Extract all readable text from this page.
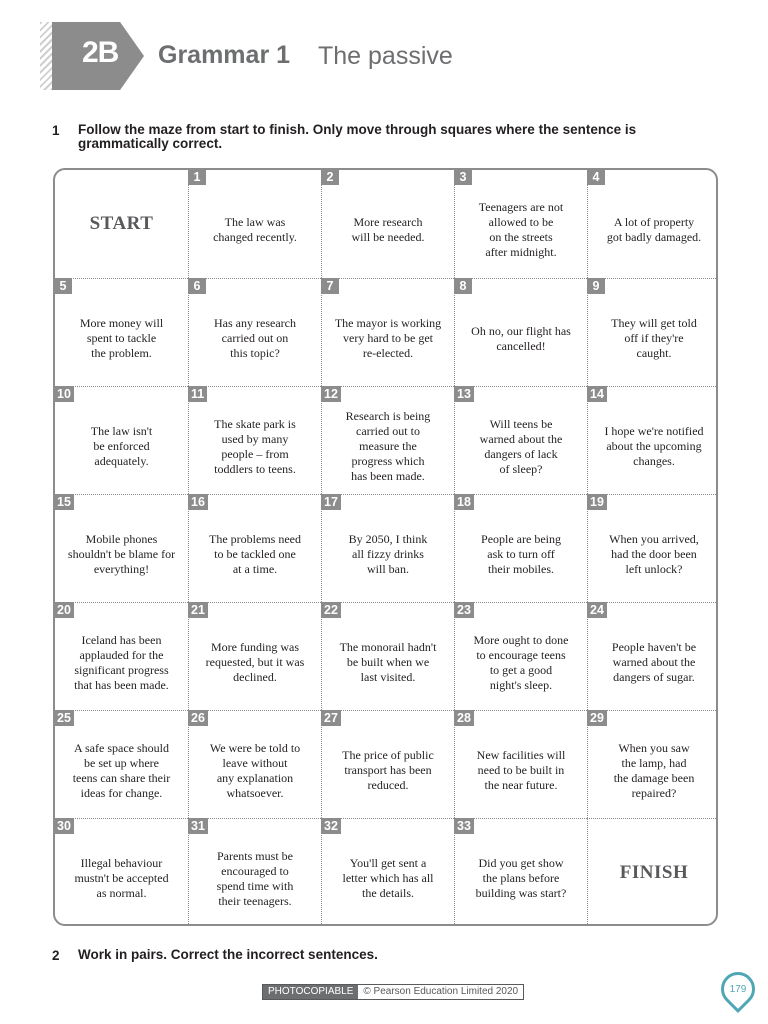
2B	Grammar 1 The passive
1 Follow the maze from start to finish. Only move through squares where the sentence is
grammatically correct.
START
1
The law was
changed recently.
2
More research
will be needed.
3
Teenagers are not
allowed to be
on the streets
after midnight.
4
A lot of property
got badly damaged.
5
More money will
spent to tackle
the problem.
6
Has any research
carried out on
this topic?
7
The mayor is working
very hard to be get
re-elected.
8
Oh no, our flight has
cancelled!
9
They will get told
off if they're
caught.
10
The law isn't
be enforced
adequately.
11
The skate park is
used by many
people – from
toddlers to teens.
12
Research is being
carried out to
measure the
progress which
has been made.
13
Will teens be
warned about the
dangers of lack
of sleep?
14
I hope we're notified
about the upcoming
changes.
15
Mobile phones
shouldn't be blame for
everything!
16
The problems need
to be tackled one
at a time.
17
By 2050, I think
all fizzy drinks
will ban.
18
People are being
ask to turn off
their mobiles.
19
When you arrived,
had the door been
left unlock?
20
Iceland has been
applauded for the
significant progress
that has been made.
21
More funding was
requested, but it was
declined.
22
The monorail hadn't
be built when we
last visited.
23
More ought to done
to encourage teens
to get a good
night's sleep.
24
People haven't be
warned about the
dangers of sugar.
25
A safe space should
be set up where
teens can share their
ideas for change.
26
We were be told to
leave without
any explanation
whatsoever.
27
The price of public
transport has been
reduced.
28
New facilities will
need to be built in
the near future.
29
When you saw
the lamp, had
the damage been
repaired?
30
Illegal behaviour
mustn't be accepted
as normal.
31
Parents must be
encouraged to
spend time with
their teenagers.
32
You'll get sent a
letter which has all
the details.
33
Did you get show
the plans before
building was start?
FINISH
2 Work in pairs. Correct the incorrect sentences.
PHOTOCOPIABLE	© Pearson Education Limited 2020	179
